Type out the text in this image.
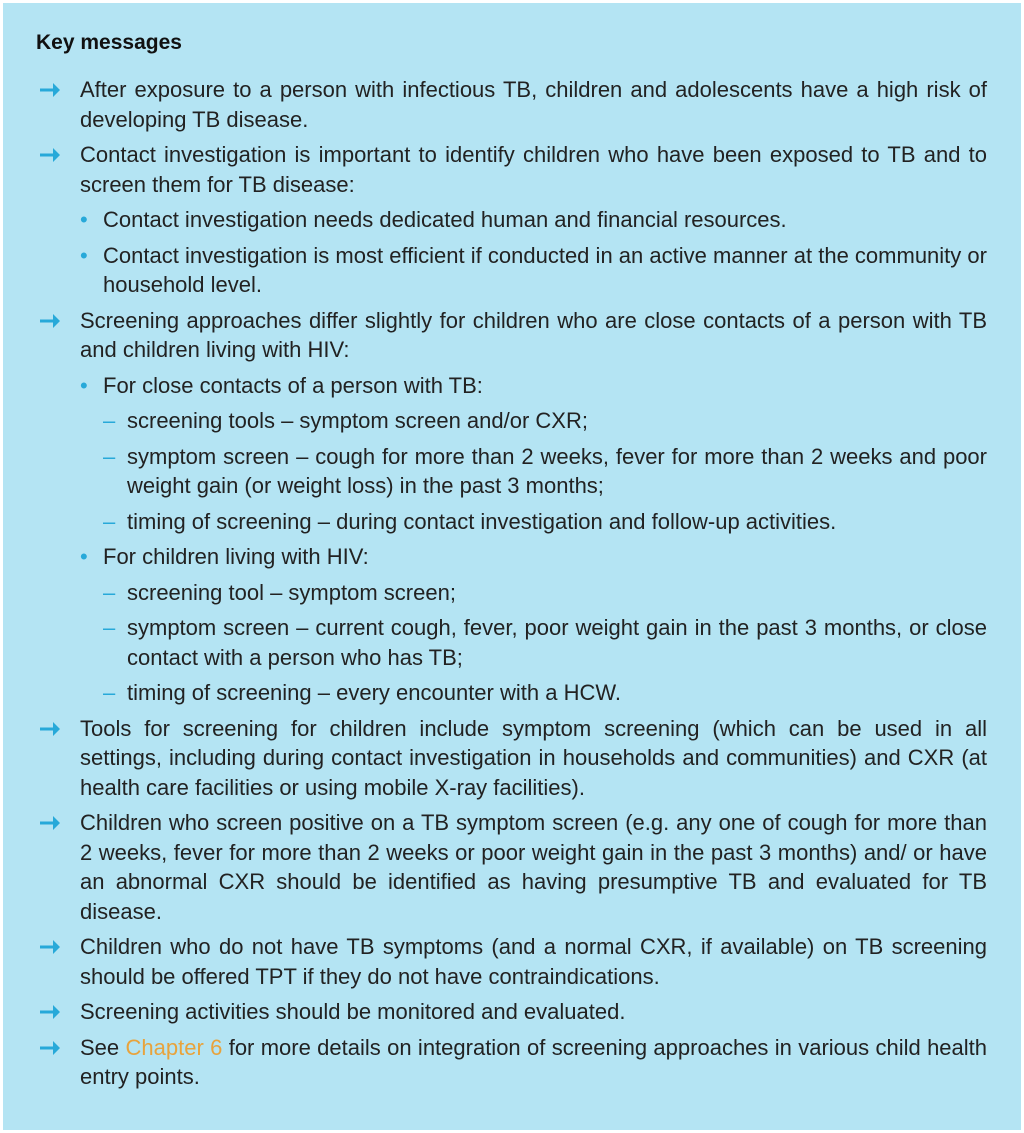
Key messages
After exposure to a person with infectious TB, children and adolescents have a high risk of developing TB disease.
Contact investigation is important to identify children who have been exposed to TB and to screen them for TB disease:
• Contact investigation needs dedicated human and financial resources.
• Contact investigation is most efficient if conducted in an active manner at the community or household level.
Screening approaches differ slightly for children who are close contacts of a person with TB and children living with HIV:
• For close contacts of a person with TB:
– screening tools – symptom screen and/or CXR;
– symptom screen – cough for more than 2 weeks, fever for more than 2 weeks and poor weight gain (or weight loss) in the past 3 months;
– timing of screening – during contact investigation and follow-up activities.
• For children living with HIV:
– screening tool – symptom screen;
– symptom screen – current cough, fever, poor weight gain in the past 3 months, or close contact with a person who has TB;
– timing of screening – every encounter with a HCW.
Tools for screening for children include symptom screening (which can be used in all settings, including during contact investigation in households and communities) and CXR (at health care facilities or using mobile X-ray facilities).
Children who screen positive on a TB symptom screen (e.g. any one of cough for more than 2 weeks, fever for more than 2 weeks or poor weight gain in the past 3 months) and/ or have an abnormal CXR should be identified as having presumptive TB and evaluated for TB disease.
Children who do not have TB symptoms (and a normal CXR, if available) on TB screening should be offered TPT if they do not have contraindications.
Screening activities should be monitored and evaluated.
See Chapter 6 for more details on integration of screening approaches in various child health entry points.
